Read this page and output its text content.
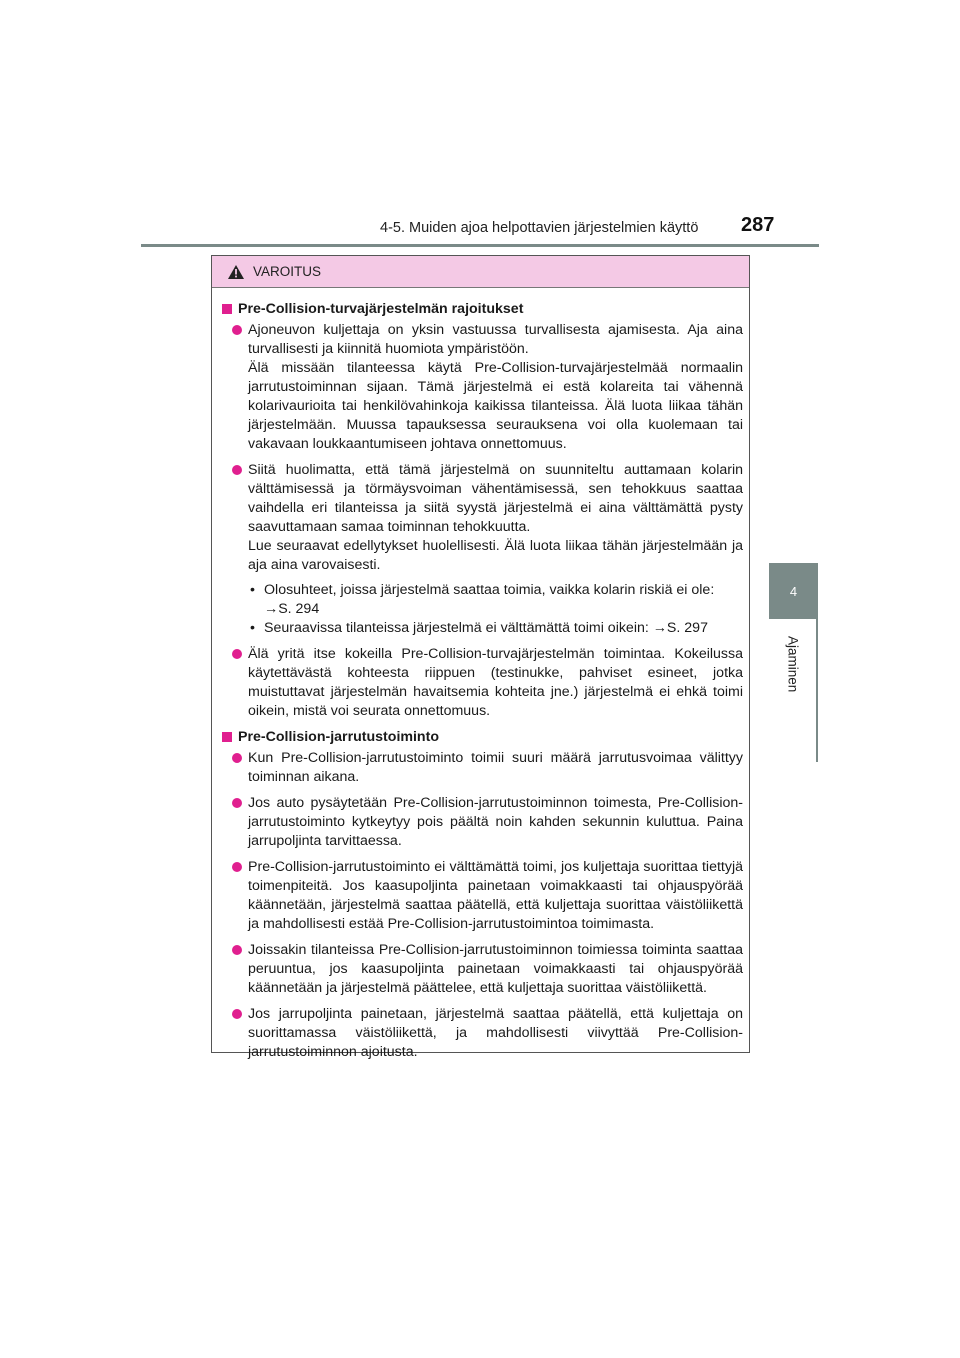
4-5. Muiden ajoa helpottavien järjestelmien käyttö 287
4
Ajaminen
VAROITUS
Pre-Collision-turvajärjestelmän rajoitukset

Ajoneuvon kuljettaja on yksin vastuussa turvallisesta ajamisesta. Aja aina turvallisesti ja kiinnitä huomiota ympäristöön.

Älä missään tilanteessa käytä Pre-Collision-turvajärjestelmää normaalin jarrutustoiminnan sijaan. Tämä järjestelmä ei estä kolareita tai vähennä kolarivaurioita tai henkilövahinkoja kaikissa tilanteissa. Älä luota liikaa tähän järjestelmään. Muussa tapauksessa seurauksena voi olla kuolemaan tai vakavaan loukkaantumiseen johtava onnettomuus.

Siitä huolimatta, että tämä järjestelmä on suunniteltu auttamaan kolarin välttämisessä ja törmäysvoiman vähentämisessä, sen tehokkuus saattaa vaihdella eri tilanteissa ja siitä syystä järjestelmä ei aina välttämättä pysty saavuttamaan samaa toiminnan tehokkuutta.

Lue seuraavat edellytykset huolellisesti. Älä luota liikaa tähän järjestelmään ja aja aina varovaisesti.

• Olosuhteet, joissa järjestelmä saattaa toimia, vaikka kolarin riskiä ei ole:
→S. 294
• Seuraavissa tilanteissa järjestelmä ei välttämättä toimi oikein: →S. 297

Älä yritä itse kokeilla Pre-Collision-turvajärjestelmän toimintaa. Kokeilussa käytettävästä kohteesta riippuen (testinukke, pahviset esineet, jotka muistuttavat järjestelmän havaitsemia kohteita jne.) järjestelmä ei ehkä toimi oikein, mistä voi seurata onnettomuus.

Pre-Collision-jarrutustoiminto

Kun Pre-Collision-jarrutustoiminto toimii suuri määrä jarrutusvoimaa välittyy toiminnan aikana.

Jos auto pysäytetään Pre-Collision-jarrutustoiminnon toimesta, Pre-Collision-jarrutustoiminto kytkeytyy pois päältä noin kahden sekunnin kuluttua. Paina jarrupoljinta tarvittaessa.

Pre-Collision-jarrutustoiminto ei välttämättä toimi, jos kuljettaja suorittaa tiettyjä toimenpiteitä. Jos kaasupoljinta painetaan voimakkaasti tai ohjauspyörää käännetään, järjestelmä saattaa päätellä, että kuljettaja suorittaa väistöliikettä ja mahdollisesti estää Pre-Collision-jarrutustoimintoa toimimasta.

Joissakin tilanteissa Pre-Collision-jarrutustoiminnon toimiessa toiminta saattaa peruuntua, jos kaasupoljinta painetaan voimakkaasti tai ohjauspyörää käännetään ja järjestelmä päättelee, että kuljettaja suorittaa väistöliikettä.

Jos jarrupoljinta painetaan, järjestelmä saattaa päätellä, että kuljettaja on suorittamassa väistöliikettä, ja mahdollisesti viivyttää Pre-Collision-jarrutustoiminnon ajoitusta.
